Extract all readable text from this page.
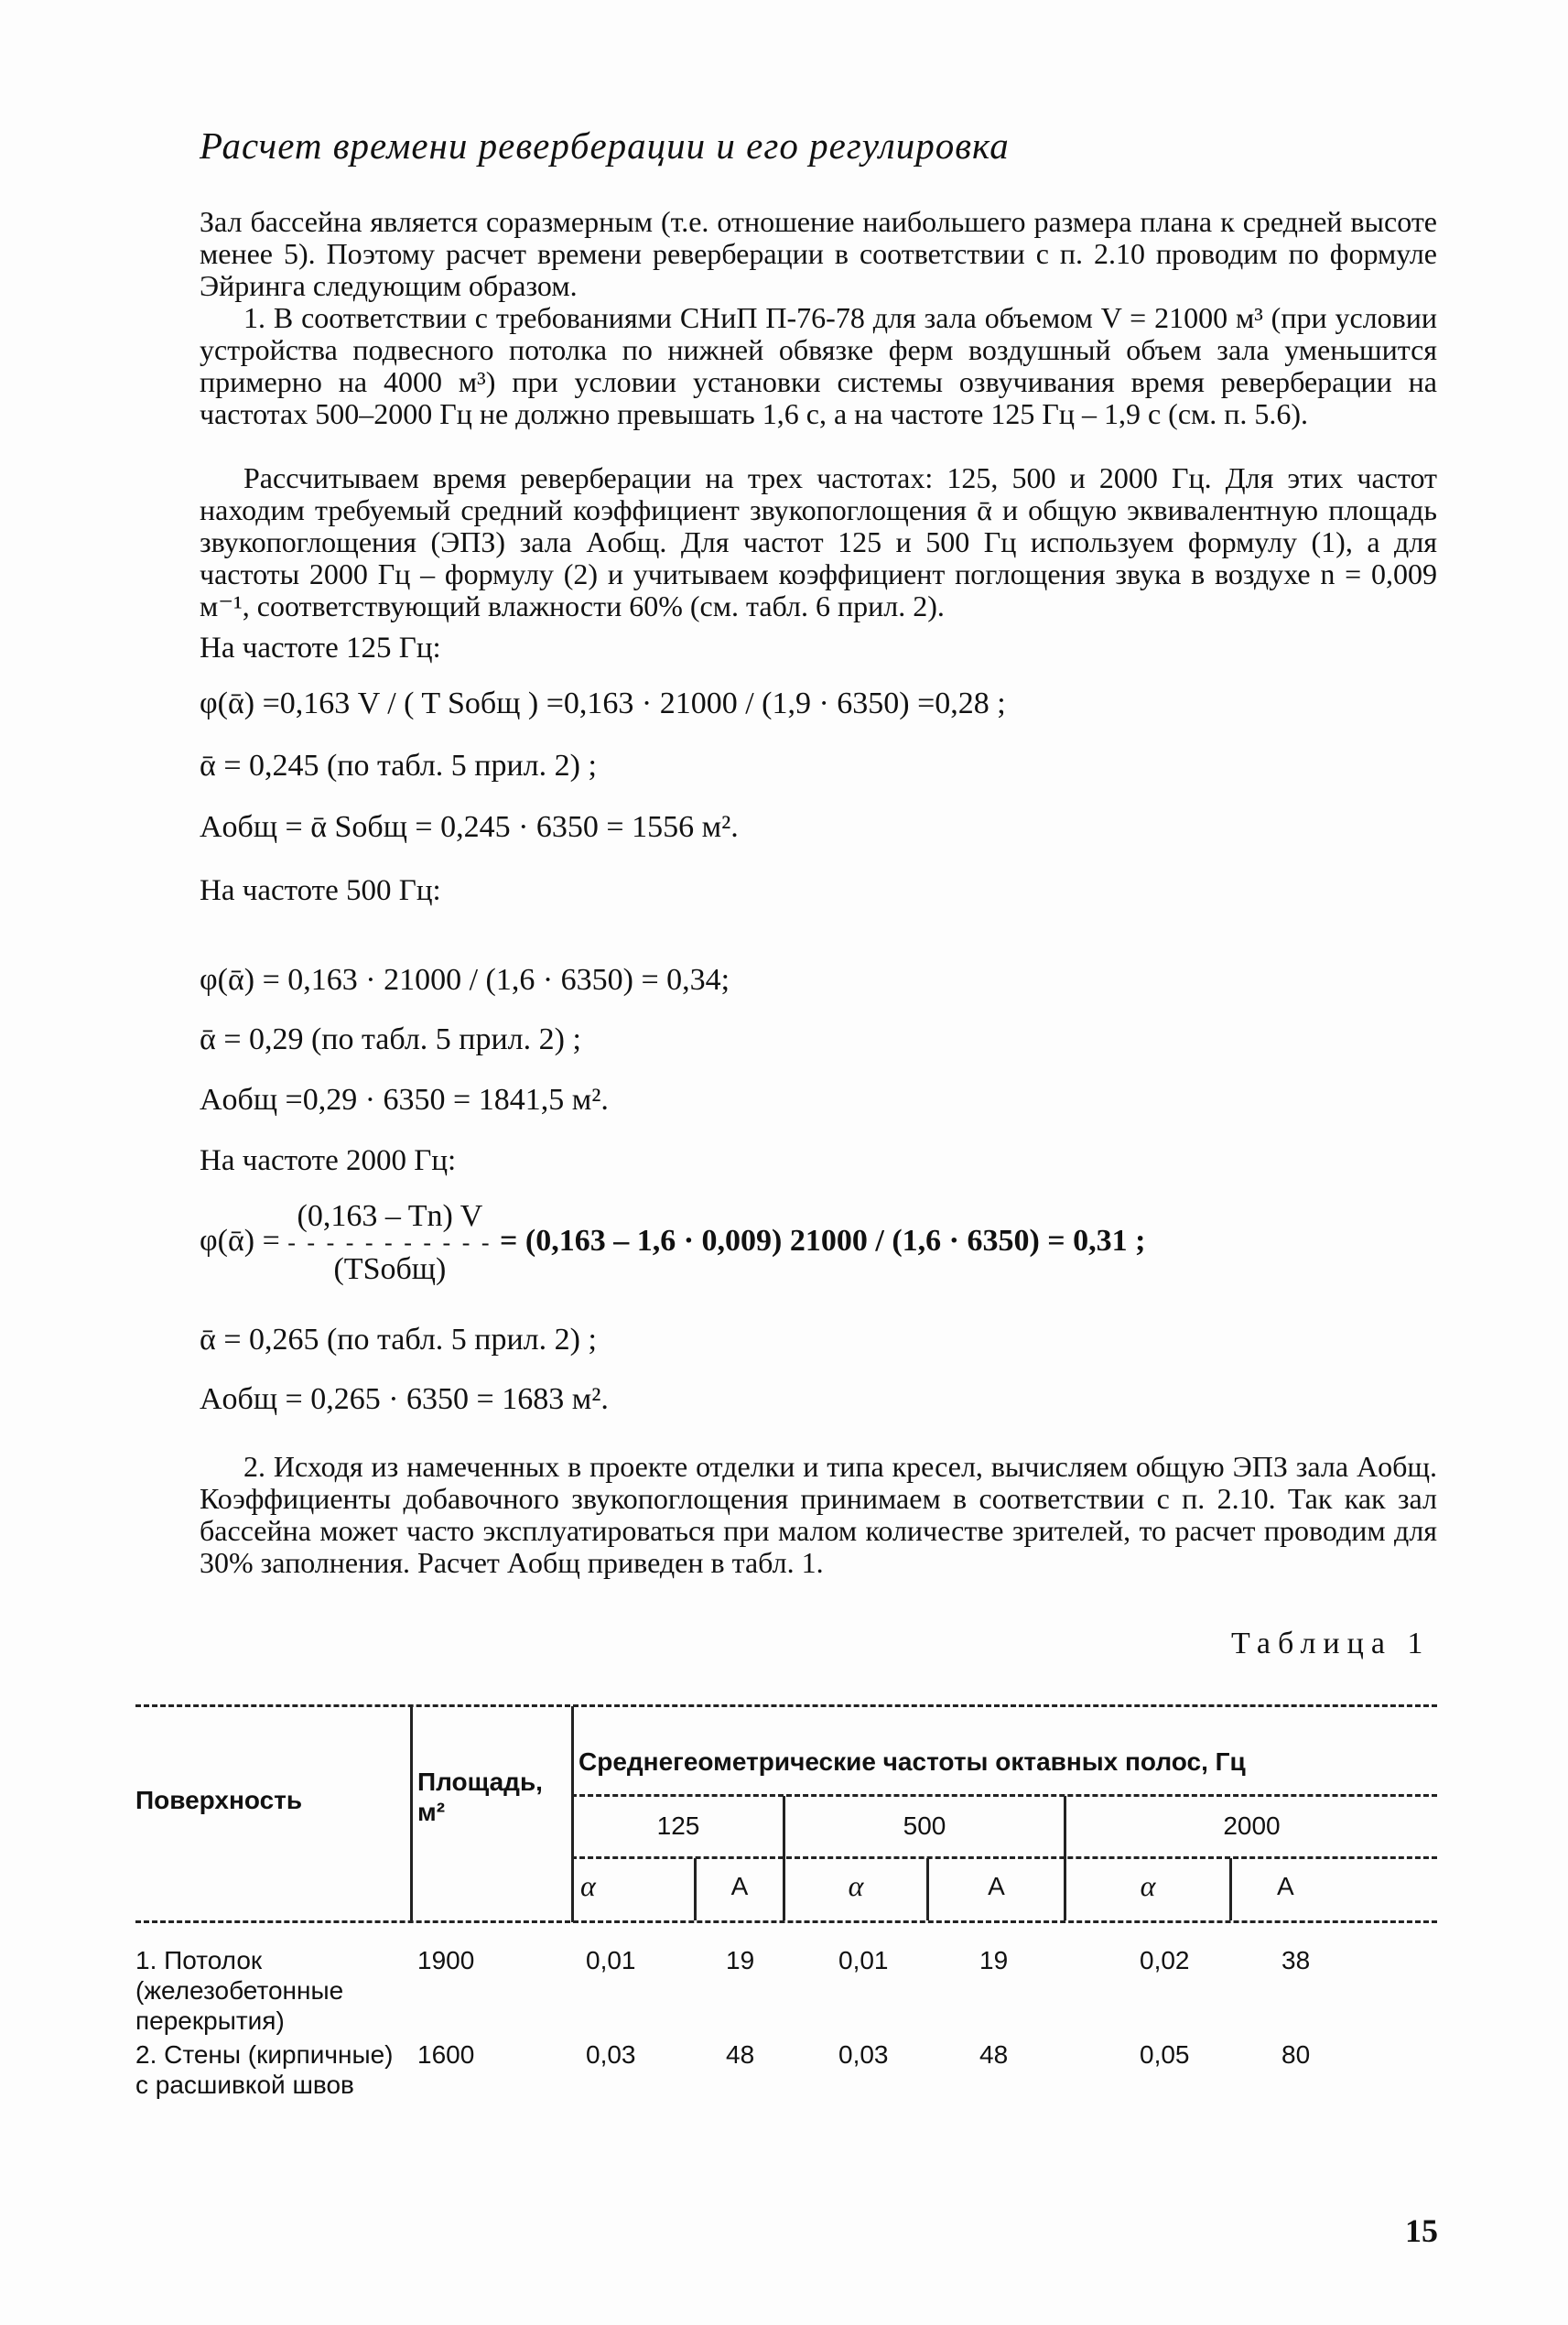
Расчет времени реверберации и его регулировка
Зал бассейна является соразмерным (т.е. отношение наибольшего размера плана к средней высоте менее 5). Поэтому расчет времени реверберации в соответствии с п. 2.10 проводим по формуле Эйринга следующим образом.
1. В соответствии с требованиями СНиП П-76-78 для зала объемом V = 21000 м³ (при условии устройства подвесного потолка по нижней обвязке ферм воздушный объем зала уменьшится примерно на 4000 м³) при условии установки системы озвучивания время реверберации на частотах 500–2000 Гц не должно превышать 1,6 с, а на частоте 125 Гц – 1,9 с (см. п. 5.6).
Рассчитываем время реверберации на трех частотах: 125, 500 и 2000 Гц. Для этих частот находим требуемый средний коэффициент звукопоглощения ᾱ и общую эквивалентную площадь звукопоглощения (ЭПЗ) зала Aобщ. Для частот 125 и 500 Гц используем формулу (1), а для частоты 2000 Гц – формулу (2) и учитываем коэффициент поглощения звука в воздухе n = 0,009 м⁻¹, соответствующий влажности 60% (см. табл. 6 прил. 2).
На частоте 125 Гц:
φ(ᾱ) =0,163 V / ( T Sобщ ) =0,163 · 21000 / (1,9 · 6350) =0,28 ;
ᾱ = 0,245 (по табл. 5 прил. 2) ;
Aобщ = ᾱ Sобщ = 0,245 · 6350 = 1556 м².
На частоте 500 Гц:
φ(ᾱ) = 0,163 · 21000 / (1,6 · 6350) = 0,34;
ᾱ = 0,29 (по табл. 5 прил. 2) ;
Aобщ =0,29 · 6350 = 1841,5 м².
На частоте 2000 Гц:
φ(ᾱ) =
(0,163 – Tn) V
- - - - - - - - - - -
(TSобщ)
= (0,163 – 1,6 · 0,009) 21000 / (1,6 · 6350) = 0,31 ;
ᾱ = 0,265 (по табл. 5 прил. 2) ;
Aобщ = 0,265 · 6350 = 1683 м².
2. Исходя из намеченных в проекте отделки и типа кресел, вычисляем общую ЭПЗ зала Aобщ. Коэффициенты добавочного звукопоглощения принимаем в соответствии с п. 2.10. Так как зал бассейна может часто эксплуатироваться при малом количестве зрителей, то расчет проводим для 30% заполнения. Расчет Aобщ приведен в табл. 1.
Таблица 1
Поверхность
Площадь, м²
Среднегеометрические частоты октавных полос, Гц
125	500	2000
α	A	α	A	α	A
1. Потолок (железобетонные перекрытия)
1900	0,01	19	0,01	19	0,02	38
2. Стены (кирпичные) с расшивкой швов
1600	0,03	48	0,03	48	0,05	80
15
